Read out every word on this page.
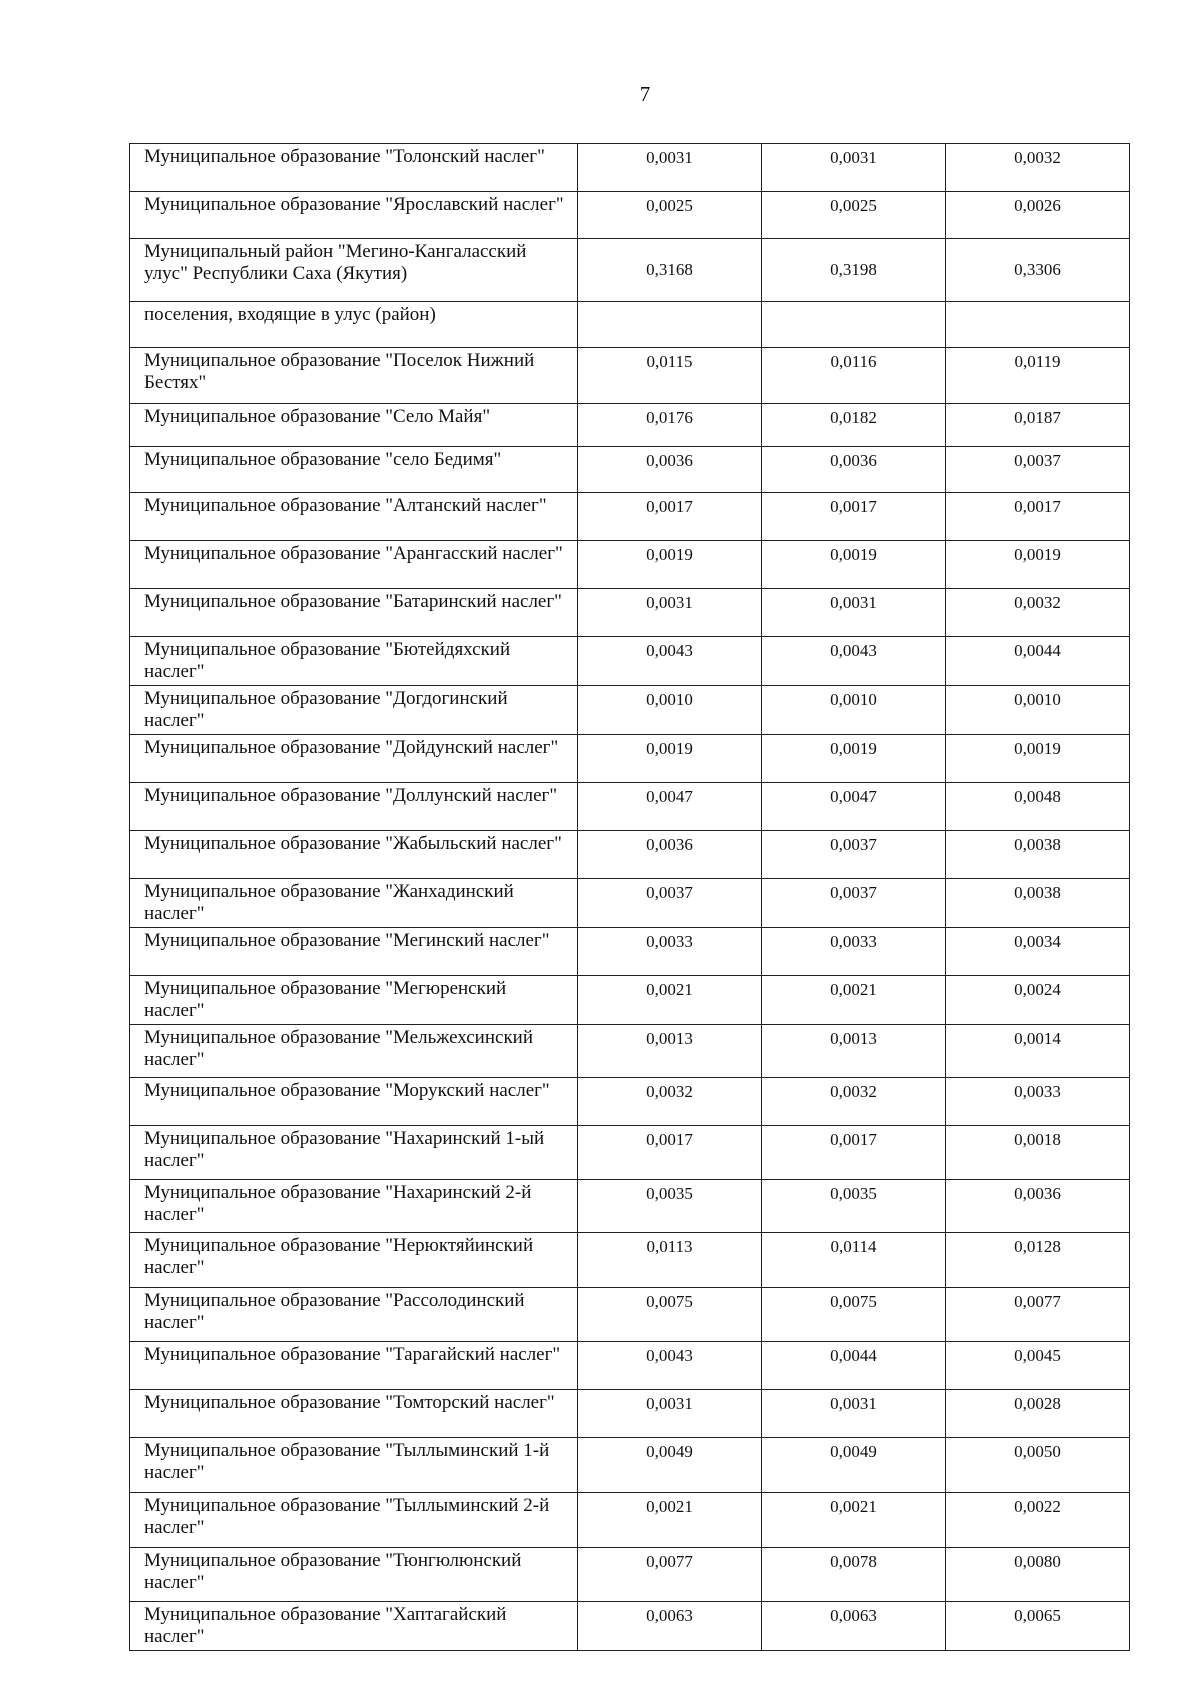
7
Муниципальное образование "Толонский наслег"	0,0031	0,0031	0,0032
Муниципальное образование "Ярославский наслег"	0,0025	0,0025	0,0026
Муниципальный район "Мегино-Кангаласский улус" Республики Саха (Якутия)	0,3168	0,3198	0,3306
поселения, входящие в улус (район)			
Муниципальное образование "Поселок Нижний Бестях"	0,0115	0,0116	0,0119
Муниципальное образование "Село Майя"	0,0176	0,0182	0,0187
Муниципальное образование "село Бедимя"	0,0036	0,0036	0,0037
Муниципальное образование "Алтанский наслег"	0,0017	0,0017	0,0017
Муниципальное образование "Арангасский наслег"	0,0019	0,0019	0,0019
Муниципальное образование "Батаринский наслег"	0,0031	0,0031	0,0032
Муниципальное образование "Бютейдяхский наслег"	0,0043	0,0043	0,0044
Муниципальное образование "Догдогинский наслег"	0,0010	0,0010	0,0010
Муниципальное образование "Дойдунский наслег"	0,0019	0,0019	0,0019
Муниципальное образование "Доллунский наслег"	0,0047	0,0047	0,0048
Муниципальное образование "Жабыльский наслег"	0,0036	0,0037	0,0038
Муниципальное образование "Жанхадинский наслег"	0,0037	0,0037	0,0038
Муниципальное образование "Мегинский наслег"	0,0033	0,0033	0,0034
Муниципальное образование "Мегюренский наслег"	0,0021	0,0021	0,0024
Муниципальное образование "Мельжехсинский наслег"	0,0013	0,0013	0,0014
Муниципальное образование "Морукский наслег"	0,0032	0,0032	0,0033
Муниципальное образование "Нахаринский 1-ый наслег"	0,0017	0,0017	0,0018
Муниципальное образование "Нахаринский 2-й наслег"	0,0035	0,0035	0,0036
Муниципальное образование "Нерюктяйинский наслег"	0,0113	0,0114	0,0128
Муниципальное образование "Рассолодинский наслег"	0,0075	0,0075	0,0077
Муниципальное образование "Тарагайский наслег"	0,0043	0,0044	0,0045
Муниципальное образование "Томторский наслег"	0,0031	0,0031	0,0028
Муниципальное образование "Тыллыминский 1-й наслег"	0,0049	0,0049	0,0050
Муниципальное образование "Тыллыминский 2-й наслег"	0,0021	0,0021	0,0022
Муниципальное образование "Тюнгюлюнский наслег"	0,0077	0,0078	0,0080
Муниципальное образование "Хаптагайский наслег"	0,0063	0,0063	0,0065
